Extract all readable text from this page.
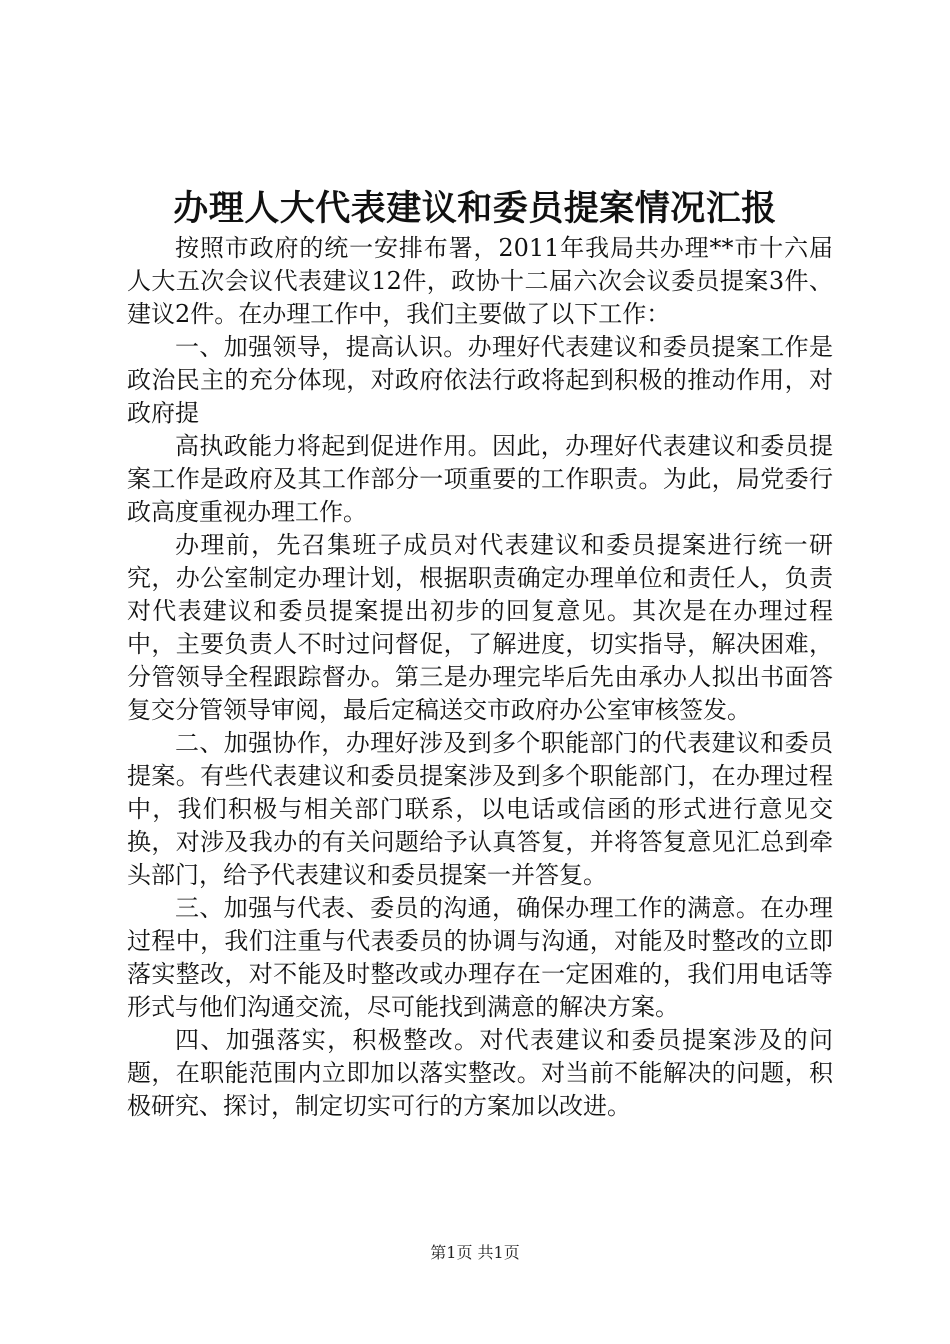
办理人大代表建议和委员提案情况汇报

按照市政府的统一安排布署，2011年我局共办理**市十六届人大五次会议代表建议12件，政协十二届六次会议委员提案3件、建议2件。在办理工作中，我们主要做了以下工作：

一、加强领导，提高认识。办理好代表建议和委员提案工作是政治民主的充分体现，对政府依法行政将起到积极的推动作用，对政府提

高执政能力将起到促进作用。因此，办理好代表建议和委员提案工作是政府及其工作部分一项重要的工作职责。为此，局党委行政高度重视办理工作。

办理前，先召集班子成员对代表建议和委员提案进行统一研究，办公室制定办理计划，根据职责确定办理单位和责任人，负责对代表建议和委员提案提出初步的回复意见。其次是在办理过程中，主要负责人不时过问督促，了解进度，切实指导，解决困难，分管领导全程跟踪督办。第三是办理完毕后先由承办人拟出书面答复交分管领导审阅，最后定稿送交市政府办公室审核签发。

二、加强协作，办理好涉及到多个职能部门的代表建议和委员提案。有些代表建议和委员提案涉及到多个职能部门，在办理过程中，我们积极与相关部门联系，以电话或信函的形式进行意见交换，对涉及我办的有关问题给予认真答复，并将答复意见汇总到牵头部门，给予代表建议和委员提案一并答复。

三、加强与代表、委员的沟通，确保办理工作的满意。在办理过程中，我们注重与代表委员的协调与沟通，对能及时整改的立即落实整改，对不能及时整改或办理存在一定困难的，我们用电话等形式与他们沟通交流，尽可能找到满意的解决方案。

四、加强落实，积极整改。对代表建议和委员提案涉及的问题，在职能范围内立即加以落实整改。对当前不能解决的问题，积极研究、探讨，制定切实可行的方案加以改进。

第1页 共1页
